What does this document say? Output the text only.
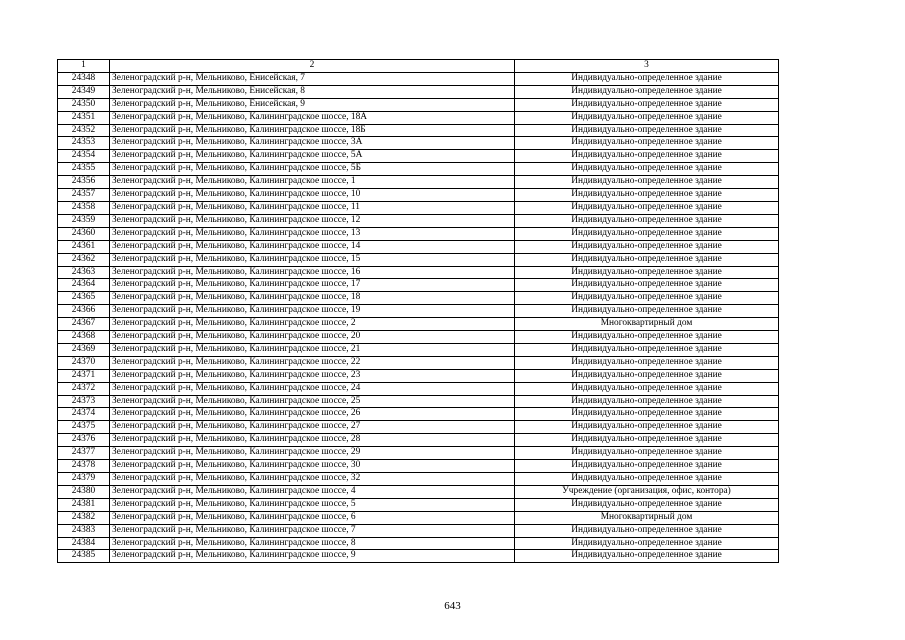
1	2	3
24348	Зеленоградский р-н, Мельниково, Енисейская, 7	Индивидуально-определенное здание
24349	Зеленоградский р-н, Мельниково, Енисейская, 8	Индивидуально-определенное здание
24350	Зеленоградский р-н, Мельниково, Енисейская, 9	Индивидуально-определенное здание
24351	Зеленоградский р-н, Мельниково, Калининградское шоссе, 18А	Индивидуально-определенное здание
24352	Зеленоградский р-н, Мельниково, Калининградское шоссе, 18Б	Индивидуально-определенное здание
24353	Зеленоградский р-н, Мельниково, Калининградское шоссе, 3А	Индивидуально-определенное здание
24354	Зеленоградский р-н, Мельниково, Калининградское шоссе, 5А	Индивидуально-определенное здание
24355	Зеленоградский р-н, Мельниково, Калининградское шоссе, 5Б	Индивидуально-определенное здание
24356	Зеленоградский р-н, Мельниково, Калининградское шоссе, 1	Индивидуально-определенное здание
24357	Зеленоградский р-н, Мельниково, Калининградское шоссе, 10	Индивидуально-определенное здание
24358	Зеленоградский р-н, Мельниково, Калининградское шоссе, 11	Индивидуально-определенное здание
24359	Зеленоградский р-н, Мельниково, Калининградское шоссе, 12	Индивидуально-определенное здание
24360	Зеленоградский р-н, Мельниково, Калининградское шоссе, 13	Индивидуально-определенное здание
24361	Зеленоградский р-н, Мельниково, Калининградское шоссе, 14	Индивидуально-определенное здание
24362	Зеленоградский р-н, Мельниково, Калининградское шоссе, 15	Индивидуально-определенное здание
24363	Зеленоградский р-н, Мельниково, Калининградское шоссе, 16	Индивидуально-определенное здание
24364	Зеленоградский р-н, Мельниково, Калининградское шоссе, 17	Индивидуально-определенное здание
24365	Зеленоградский р-н, Мельниково, Калининградское шоссе, 18	Индивидуально-определенное здание
24366	Зеленоградский р-н, Мельниково, Калининградское шоссе, 19	Индивидуально-определенное здание
24367	Зеленоградский р-н, Мельниково, Калининградское шоссе, 2	Многоквартирный дом
24368	Зеленоградский р-н, Мельниково, Калининградское шоссе, 20	Индивидуально-определенное здание
24369	Зеленоградский р-н, Мельниково, Калининградское шоссе, 21	Индивидуально-определенное здание
24370	Зеленоградский р-н, Мельниково, Калининградское шоссе, 22	Индивидуально-определенное здание
24371	Зеленоградский р-н, Мельниково, Калининградское шоссе, 23	Индивидуально-определенное здание
24372	Зеленоградский р-н, Мельниково, Калининградское шоссе, 24	Индивидуально-определенное здание
24373	Зеленоградский р-н, Мельниково, Калининградское шоссе, 25	Индивидуально-определенное здание
24374	Зеленоградский р-н, Мельниково, Калининградское шоссе, 26	Индивидуально-определенное здание
24375	Зеленоградский р-н, Мельниково, Калининградское шоссе, 27	Индивидуально-определенное здание
24376	Зеленоградский р-н, Мельниково, Калининградское шоссе, 28	Индивидуально-определенное здание
24377	Зеленоградский р-н, Мельниково, Калининградское шоссе, 29	Индивидуально-определенное здание
24378	Зеленоградский р-н, Мельниково, Калининградское шоссе, 30	Индивидуально-определенное здание
24379	Зеленоградский р-н, Мельниково, Калининградское шоссе, 32	Индивидуально-определенное здание
24380	Зеленоградский р-н, Мельниково, Калининградское шоссе, 4	Учреждение (организация, офис, контора)
24381	Зеленоградский р-н, Мельниково, Калининградское шоссе, 5	Индивидуально-определенное здание
24382	Зеленоградский р-н, Мельниково, Калининградское шоссе, 6	Многоквартирный дом
24383	Зеленоградский р-н, Мельниково, Калининградское шоссе, 7	Индивидуально-определенное здание
24384	Зеленоградский р-н, Мельниково, Калининградское шоссе, 8	Индивидуально-определенное здание
24385	Зеленоградский р-н, Мельниково, Калининградское шоссе, 9	Индивидуально-определенное здание
643
